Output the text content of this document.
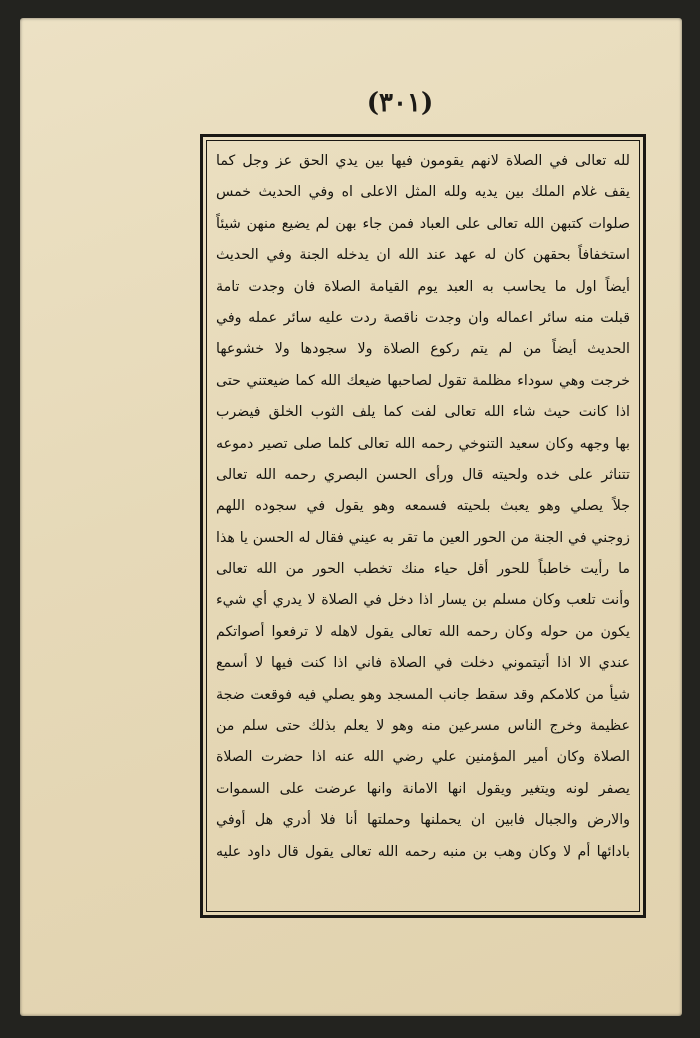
(٣٠١)
لله تعالى في الصلاة لانهم يقومون فيها بين يدي الحق عز وجل كما
يقف غلام الملك بين يديه ولله المثل الاعلى اه وفي الحديث خمس
صلوات كتبهن الله تعالى على العباد فمن جاء بهن لم يضيع منهن شيئاً
استخفافاً بحقهن كان له عهد عند الله ان يدخله الجنة وفي الحديث
أيضاً اول ما يحاسب به العبد يوم القيامة الصلاة فان وجدت تامة
قبلت منه سائر اعماله وان وجدت ناقصة ردت عليه سائر عمله وفي
الحديث أيضاً من لم يتم ركوع الصلاة ولا سجودها ولا خشوعها
خرجت وهي سوداء مظلمة تقول لصاحبها ضيعك الله كما ضيعتني حتى
اذا كانت حيث شاء الله تعالى لفت كما يلف الثوب الخلق فيضرب
بها وجهه وكان سعيد التنوخي رحمه الله تعالى كلما صلى تصير دموعه
تتناثر على خده ولحيته قال ورأى الحسن البصري رحمه الله تعالى
جلاً يصلي وهو يعبث بلحيته فسمعه وهو يقول في سجوده اللهم
زوجني في الجنة من الحور العين ما تقر به عيني فقال له الحسن يا هذا
ما رأيت خاطباً للحور أقل حياء منك تخطب الحور من الله تعالى
وأنت تلعب وكان مسلم بن يسار اذا دخل في الصلاة لا يدري أي شيء
يكون من حوله وكان رحمه الله تعالى يقول لاهله لا ترفعوا أصواتكم
عندي الا اذا أتيتموني دخلت في الصلاة فاني اذا كنت فيها لا أسمع
شيأ من كلامكم وقد سقط جانب المسجد وهو يصلي فيه فوقعت ضجة
عظيمة وخرج الناس مسرعين منه وهو لا يعلم بذلك حتى سلم من
الصلاة وكان أمير المؤمنين علي رضي الله عنه اذا حضرت الصلاة
يصفر لونه ويتغير ويقول انها الامانة وانها عرضت على السموات
والارض والجبال فابين ان يحملنها وحملتها أنا فلا أدري هل أوفي
بادائها أم لا وكان وهب بن منبه رحمه الله تعالى يقول قال داود عليه
